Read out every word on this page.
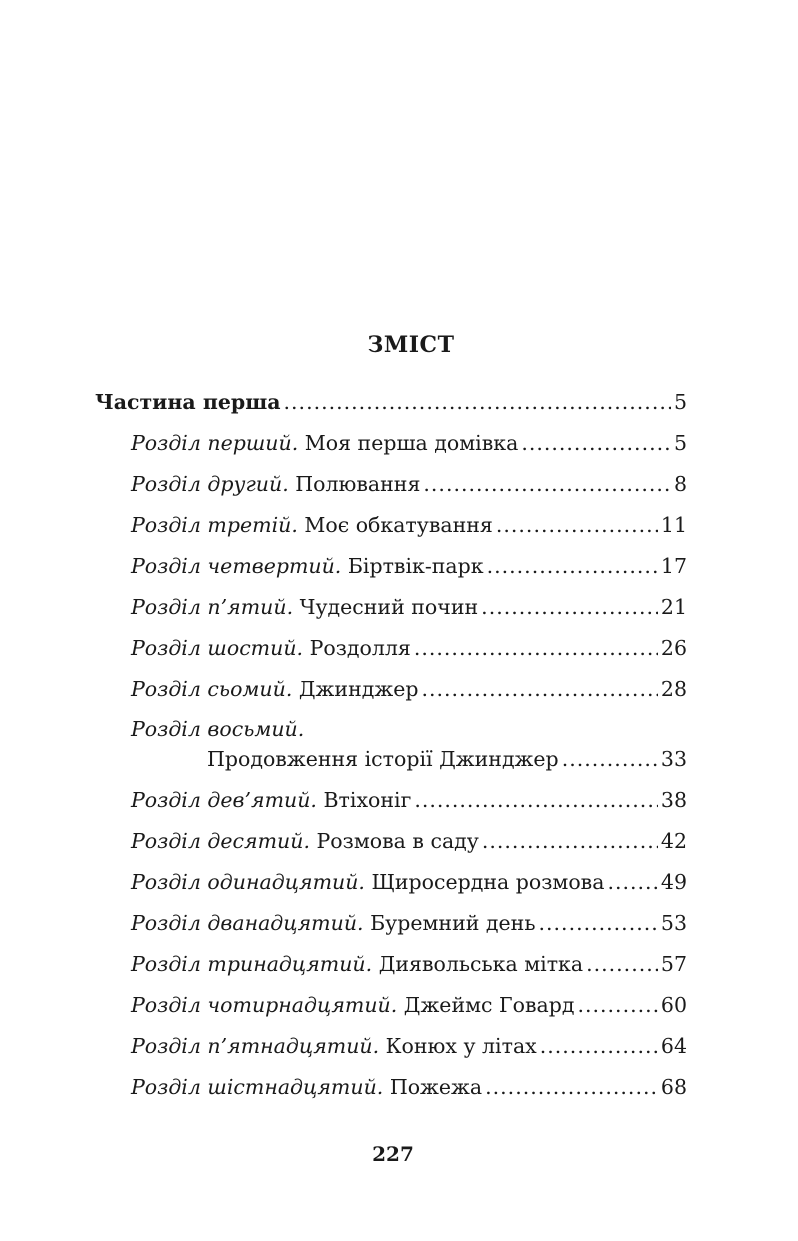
ЗМІСТ
Частина перша .....	5
Розділ перший. Моя перша домівка .....	5
Розділ другий. Полювання .....	8
Розділ третій. Моє обкатування .....	11
Розділ четвертий. Біртвік-парк .....	17
Розділ п’ятий. Чудесний почин .....	21
Розділ шостий. Роздолля .....	26
Розділ сьомий. Джинджер .....	28
Розділ восьмий.
Продовження історії Джинджер .....	33
Розділ дев’ятий. Втіхоніг .....	38
Розділ десятий. Розмова в саду .....	42
Розділ одинадцятий. Щиросердна розмова .....	49
Розділ дванадцятий. Буремний день .....	53
Розділ тринадцятий. Диявольська мітка .....	57
Розділ чотирнадцятий. Джеймс Говард .....	60
Розділ п’ятнадцятий. Конюх у літах .....	64
Розділ шістнадцятий. Пожежа .....	68
227
